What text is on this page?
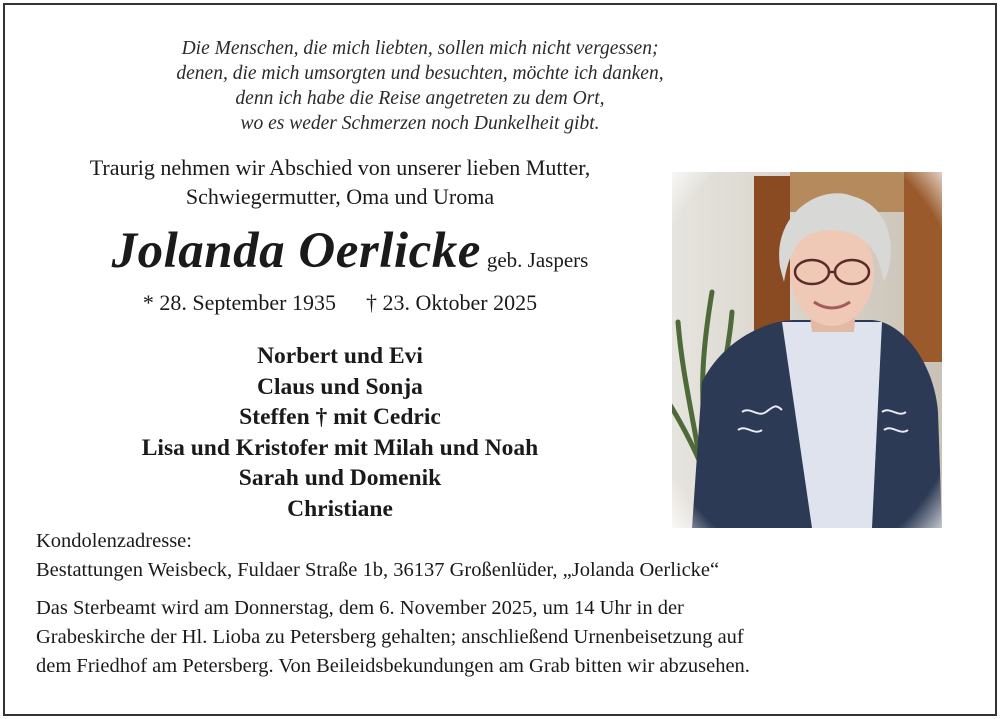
Die Menschen, die mich liebten, sollen mich nicht vergessen;
denen, die mich umsorgten und besuchten, möchte ich danken,
denn ich habe die Reise angetreten zu dem Ort,
wo es weder Schmerzen noch Dunkelheit gibt.
Traurig nehmen wir Abschied von unserer lieben Mutter,
Schwiegermutter, Oma und Uroma
Jolanda Oerlicke geb. Jaspers
* 28. September 1935 † 23. Oktober 2025
Norbert und Evi
Claus und Sonja
Steffen † mit Cedric
Lisa und Kristofer mit Milah und Noah
Sarah und Domenik
Christiane
Kondolenzadresse:
Bestattungen Weisbeck, Fuldaer Straße 1b, 36137 Großenlüder, „Jolanda Oerlicke“
Das Sterbeamt wird am Donnerstag, dem 6. November 2025, um 14 Uhr in der
Grabeskirche der Hl. Lioba zu Petersberg gehalten; anschließend Urnenbeisetzung auf
dem Friedhof am Petersberg. Von Beileidsbekundungen am Grab bitten wir abzusehen.
